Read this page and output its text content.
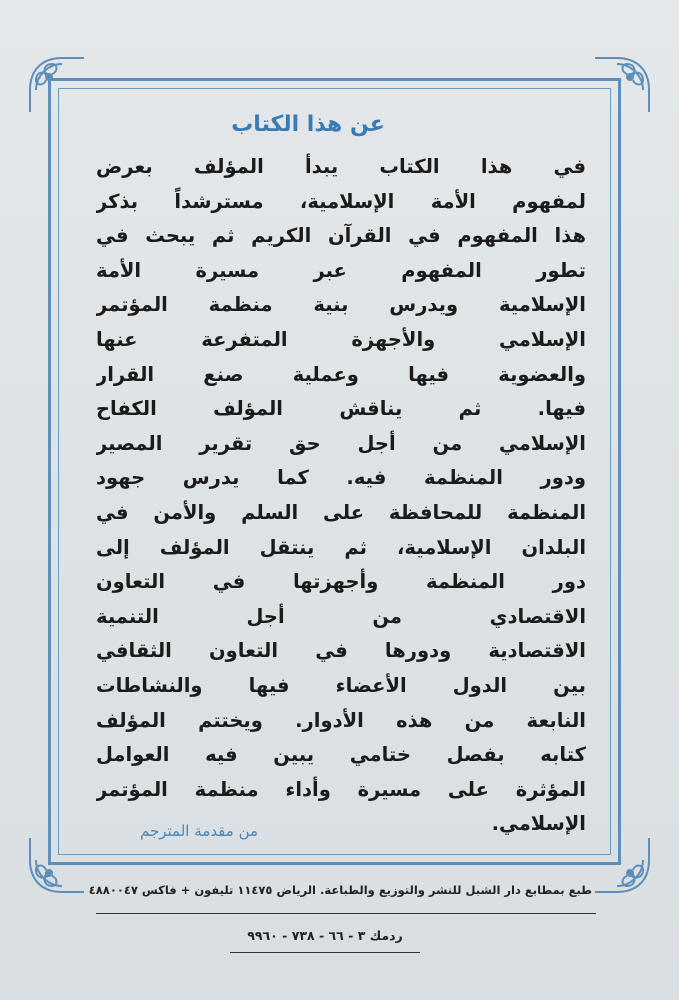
عن هذا الكتاب
في هذا الكتاب يبدأ المؤلف بعرض
لمفهوم الأمة الإسلامية، مسترشداً بذكر
هذا المفهوم في القرآن الكريم ثم يبحث في
تطور المفهوم عبر مسيرة الأمة
الإسلامية ويدرس بنية منظمة المؤتمر
الإسلامي والأجهزة المتفرعة عنها
والعضوية فيها وعملية صنع القرار
فيها. ثم يناقش المؤلف الكفاح
الإسلامي من أجل حق تقرير المصير
ودور المنظمة فيه. كما يدرس جهود
المنظمة للمحافظة على السلم والأمن في
البلدان الإسلامية، ثم ينتقل المؤلف إلى
دور المنظمة وأجهزتها في التعاون
الاقتصادي من أجل التنمية
الاقتصادية ودورها في التعاون الثقافي
بين الدول الأعضاء فيها والنشاطات
النابعة من هذه الأدوار. ويختتم المؤلف
كتابه بفصل ختامي يبين فيه العوامل
المؤثرة على مسيرة وأداء منظمة المؤتمر
الإسلامي.
من مقدمة المترجم
طبع بمطابع دار الشبل للنشر والتوزيع والطباعة. الرياض ١١٤٧٥ تليفون + فاكس ٤٨٨٠٠٤٧
ردمك ٣ - ٦٦ - ٧٣٨ - ٩٩٦٠
